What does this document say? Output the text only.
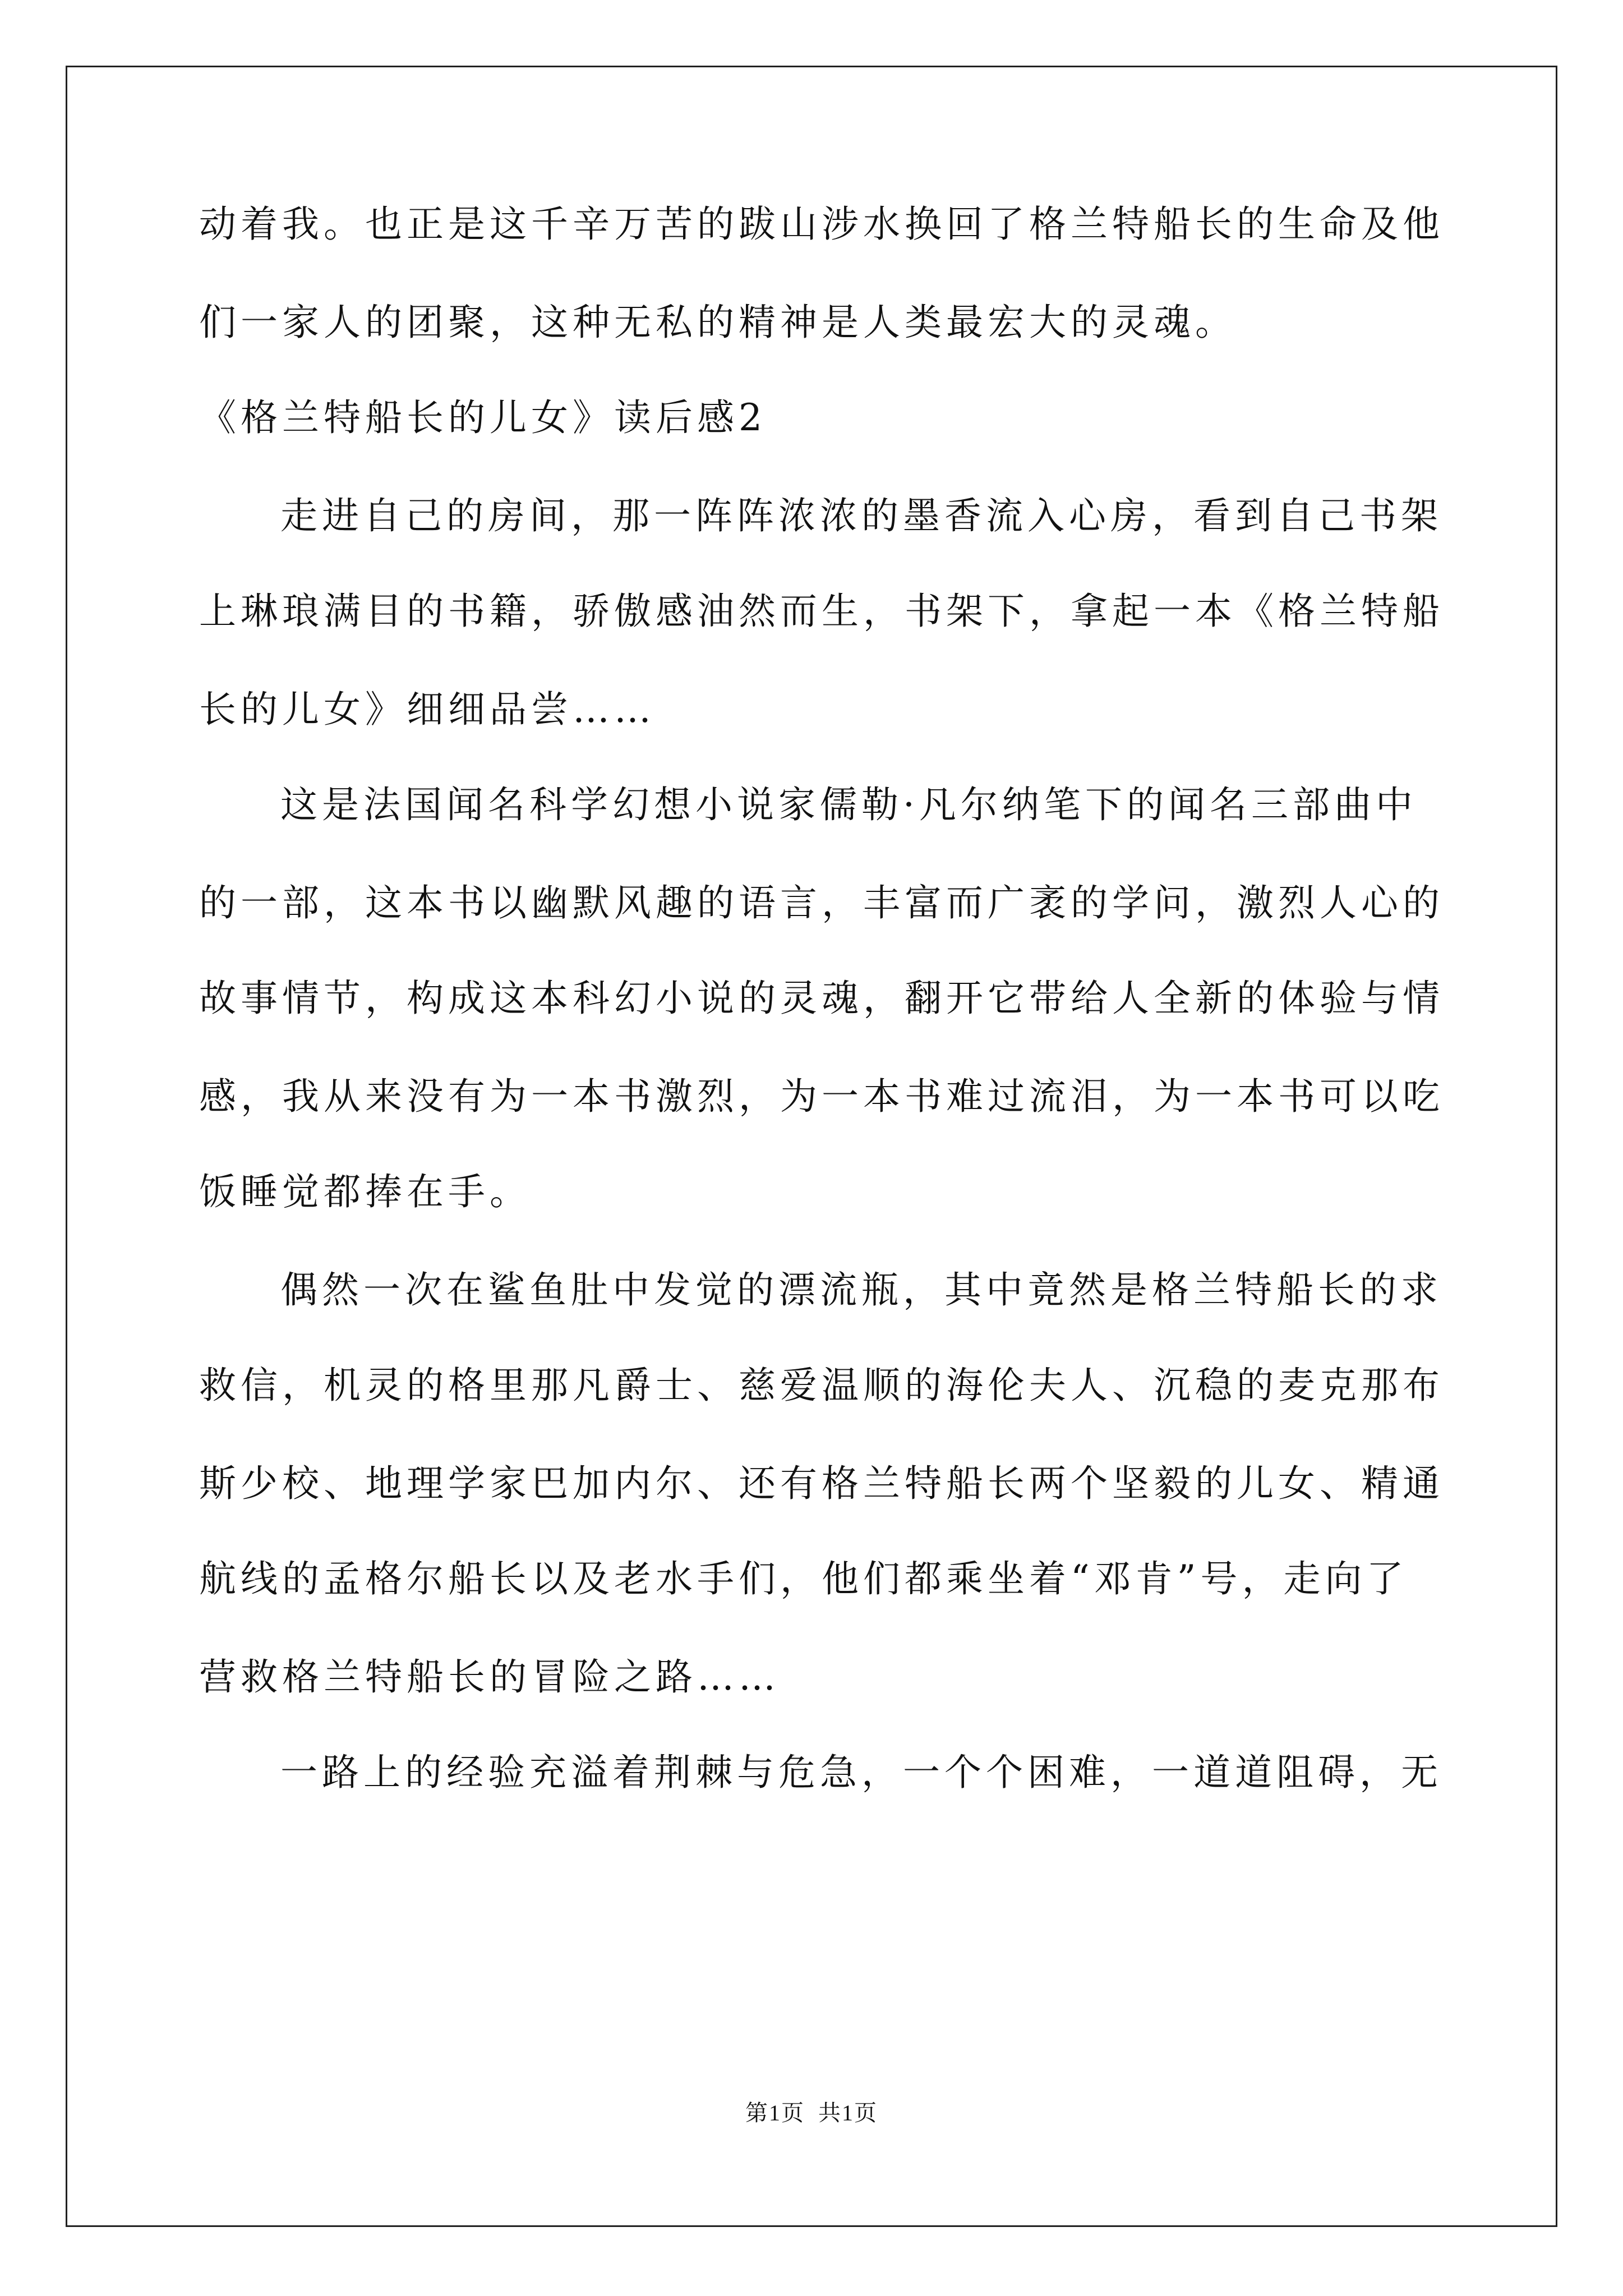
动着我。也正是这千辛万苦的跋山涉水换回了格兰特船长的生命及他
们一家人的团聚，这种无私的精神是人类最宏大的灵魂。
《格兰特船长的儿女》读后感2
走进自己的房间，那一阵阵浓浓的墨香流入心房，看到自己书架
上琳琅满目的书籍，骄傲感油然而生，书架下，拿起一本《格兰特船
长的儿女》细细品尝……
这是法国闻名科学幻想小说家儒勒·凡尔纳笔下的闻名三部曲中
的一部，这本书以幽默风趣的语言，丰富而广袤的学问，激烈人心的
故事情节，构成这本科幻小说的灵魂，翻开它带给人全新的体验与情
感，我从来没有为一本书激烈，为一本书难过流泪，为一本书可以吃
饭睡觉都捧在手。
偶然一次在鲨鱼肚中发觉的漂流瓶，其中竟然是格兰特船长的求
救信，机灵的格里那凡爵士、慈爱温顺的海伦夫人、沉稳的麦克那布
斯少校、地理学家巴加内尔、还有格兰特船长两个坚毅的儿女、精通
航线的孟格尔船长以及老水手们，他们都乘坐着“邓肯”号，走向了
营救格兰特船长的冒险之路……
一路上的经验充溢着荆棘与危急，一个个困难，一道道阻碍，无
第1页  共1页
